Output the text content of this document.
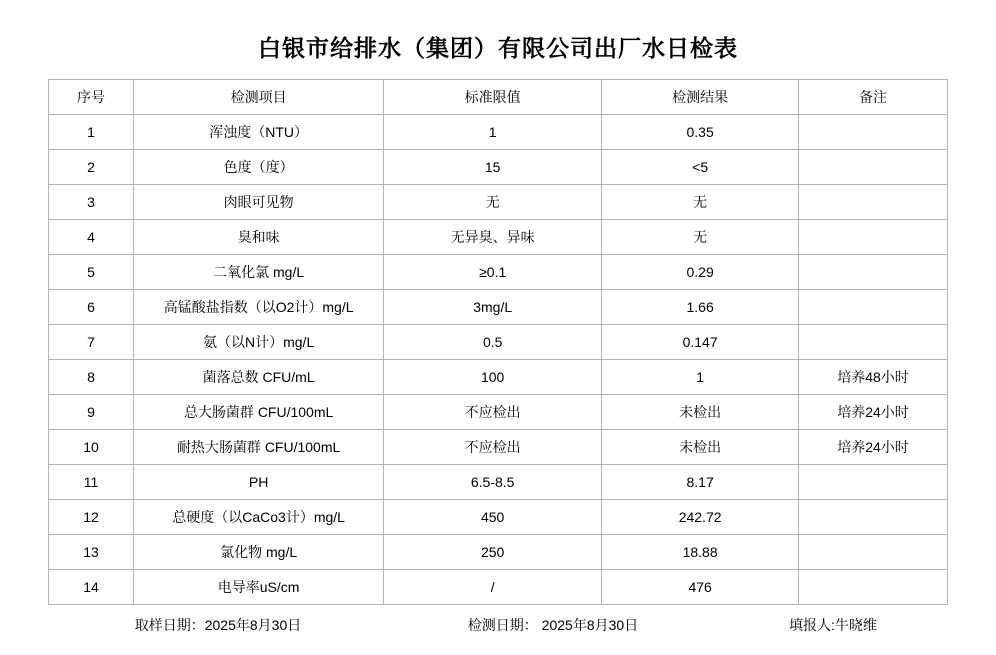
白银市给排水（集团）有限公司出厂水日检表
序号	检测项目	标准限值	检测结果	备注
1	浑浊度（NTU）	1	0.35	
2	色度（度）	15	<5	
3	肉眼可见物	无	无	
4	臭和味	无异臭、异味	无	
5	二氧化氯 mg/L	≥0.1	0.29	
6	高锰酸盐指数（以O2计）mg/L	3mg/L	1.66	
7	氨（以N计）mg/L	0.5	0.147	
8	菌落总数 CFU/mL	100	1	培养48小时
9	总大肠菌群 CFU/100mL	不应检出	未检出	培养24小时
10	耐热大肠菌群 CFU/100mL	不应检出	未检出	培养24小时
11	PH	6.5-8.5	8.17	
12	总硬度（以CaCo3计）mg/L	450	242.72	
13	氯化物 mg/L	250	18.88	
14	电导率uS/cm	/	476	
取样日期：2025年8月30日	检测日期： 2025年8月30日	填报人:牛晓维
